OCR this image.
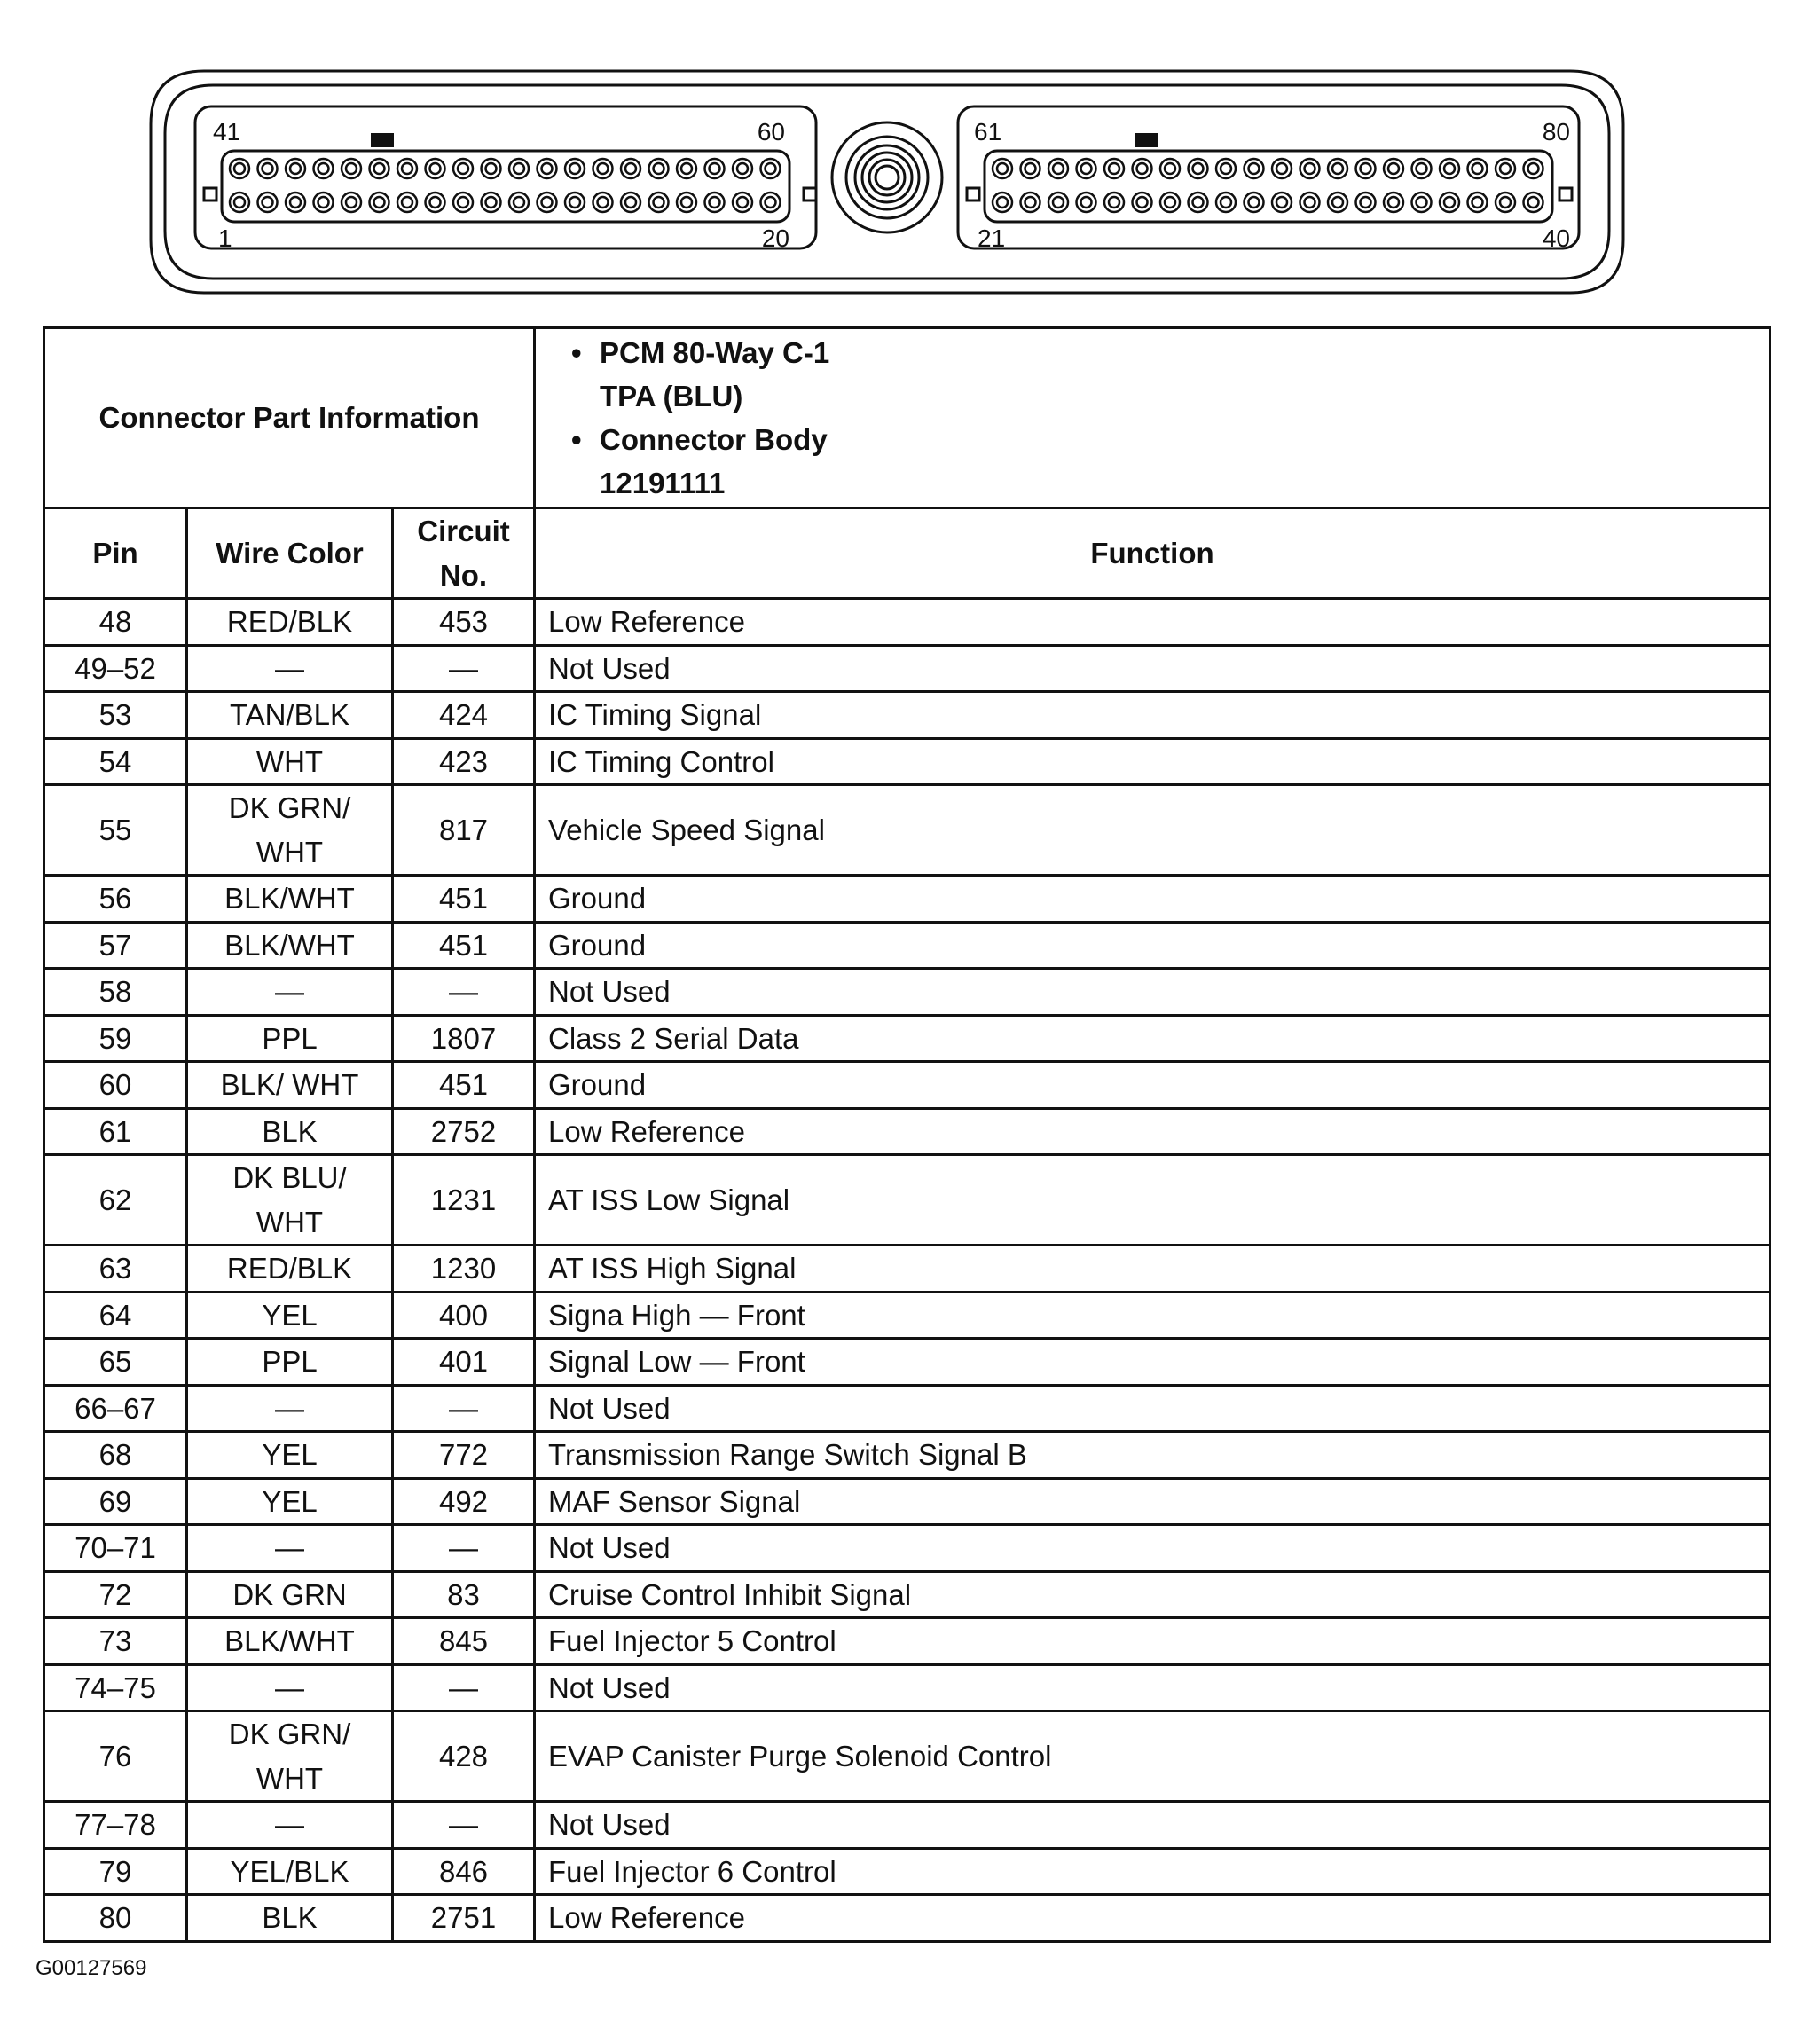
41	60
1	20
61	80
21	40
Connector Part Information			• PCM 80-Way C-1
TPA (BLU)
• Connector Body
12191111

Pin	Wire Color	Circuit
No.	Function
48	RED/BLK	453	Low Reference
49–52	—	—	Not Used
53	TAN/BLK	424	IC Timing Signal
54	WHT	423	IC Timing Control
55	DK GRN/
WHT	817	Vehicle Speed Signal
56	BLK/WHT	451	Ground
57	BLK/WHT	451	Ground
58	—	—	Not Used
59	PPL	1807	Class 2 Serial Data
60	BLK/ WHT	451	Ground
61	BLK	2752	Low Reference
62	DK BLU/
WHT	1231	AT ISS Low Signal
63	RED/BLK	1230	AT ISS High Signal
64	YEL	400	Signa High — Front
65	PPL	401	Signal Low — Front
66–67	—	—	Not Used
68	YEL	772	Transmission Range Switch Signal B
69	YEL	492	MAF Sensor Signal
70–71	—	—	Not Used
72	DK GRN	83	Cruise Control Inhibit Signal
73	BLK/WHT	845	Fuel Injector 5 Control
74–75	—	—	Not Used
76	DK GRN/
WHT	428	EVAP Canister Purge Solenoid Control
77–78	—	—	Not Used
79	YEL/BLK	846	Fuel Injector 6 Control
80	BLK	2751	Low Reference
G00127569
